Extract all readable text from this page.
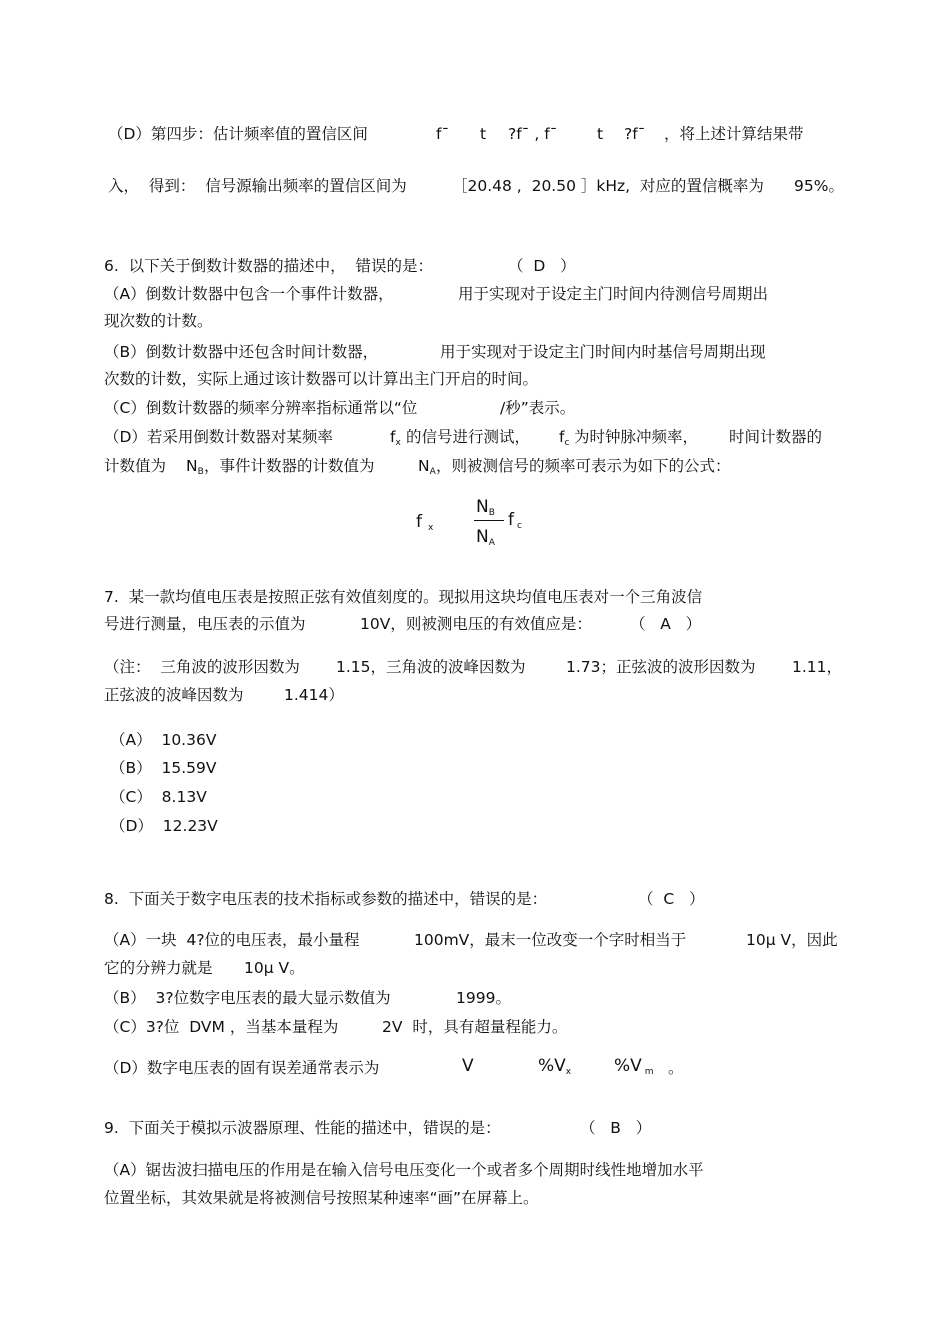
（D）第四步：估计频率值的置信区间	f¯ t ?f¯ , f¯	t ?f¯ ，将上述计算结果带
入，  得到：  信号源输出频率的置信区间为	［20.48 ,  20.50 ］kHz,  对应的置信概率为 95%。
6.  以下关于倒数计数器的描述中，  错误的是：	（  D   ）
（A）倒数计数器中包含一个事件计数器，	用于实现对于设定主门时间内待测信号周期出
现次数的计数。
（B）倒数计数器中还包含时间计数器，	用于实现对于设定主门时间内时基信号周期出现
次数的计数，实际上通过该计数器可以计算出主门开启的时间。
（C）倒数计数器的频率分辨率指标通常以“位	/秒”表示。
（D）若采用倒数计数器对某频率	$f_x$ 的信号进行测试， $f_c$ 为时钟脉冲频率， 时间计数器的
计数值为 $N_B$ ，事件计数器的计数值为	$N_A$ ，则被测信号的频率可表示为如下的公式：
f $_x$
$N_B$
$N_A$
f $_c$
7.  某一款均值电压表是按照正弦有效值刻度的。现拟用这块均值电压表对一个三角波信
号进行测量，电压表的示值为	10V，则被测电压的有效值应是： （   A   ）
（注：  三角波的波形因数为 1.15，三角波的波峰因数为	1.73；正弦波的波形因数为 1.11，
正弦波的波峰因数为	1.414）
（A）  10.36V
（B）  15.59V
（C）  8.13V
（D）  12.23V
8.  下面关于数字电压表的技术指标或参数的描述中，错误的是：	（  C   ）
（A）一块  4?位的电压表，最小量程	100mV，最末一位改变一个字时相当于	10μ V，因此
它的分辨力就是 10μ V。
（B）  3?位数字电压表的最大显示数值为	1999。
（C）3?位  DVM ，当基本量程为	2V  时，具有超量程能力。
（D）数字电压表的固有误差通常表示为	V	$\%V_x$	%V $_m$ 。
9.  下面关于模拟示波器原理、性能的描述中，错误的是：	（   B   ）
（A）锯齿波扫描电压的作用是在输入信号电压变化一个或者多个周期时线性地增加水平
位置坐标，其效果就是将被测信号按照某种速率“画”在屏幕上。
